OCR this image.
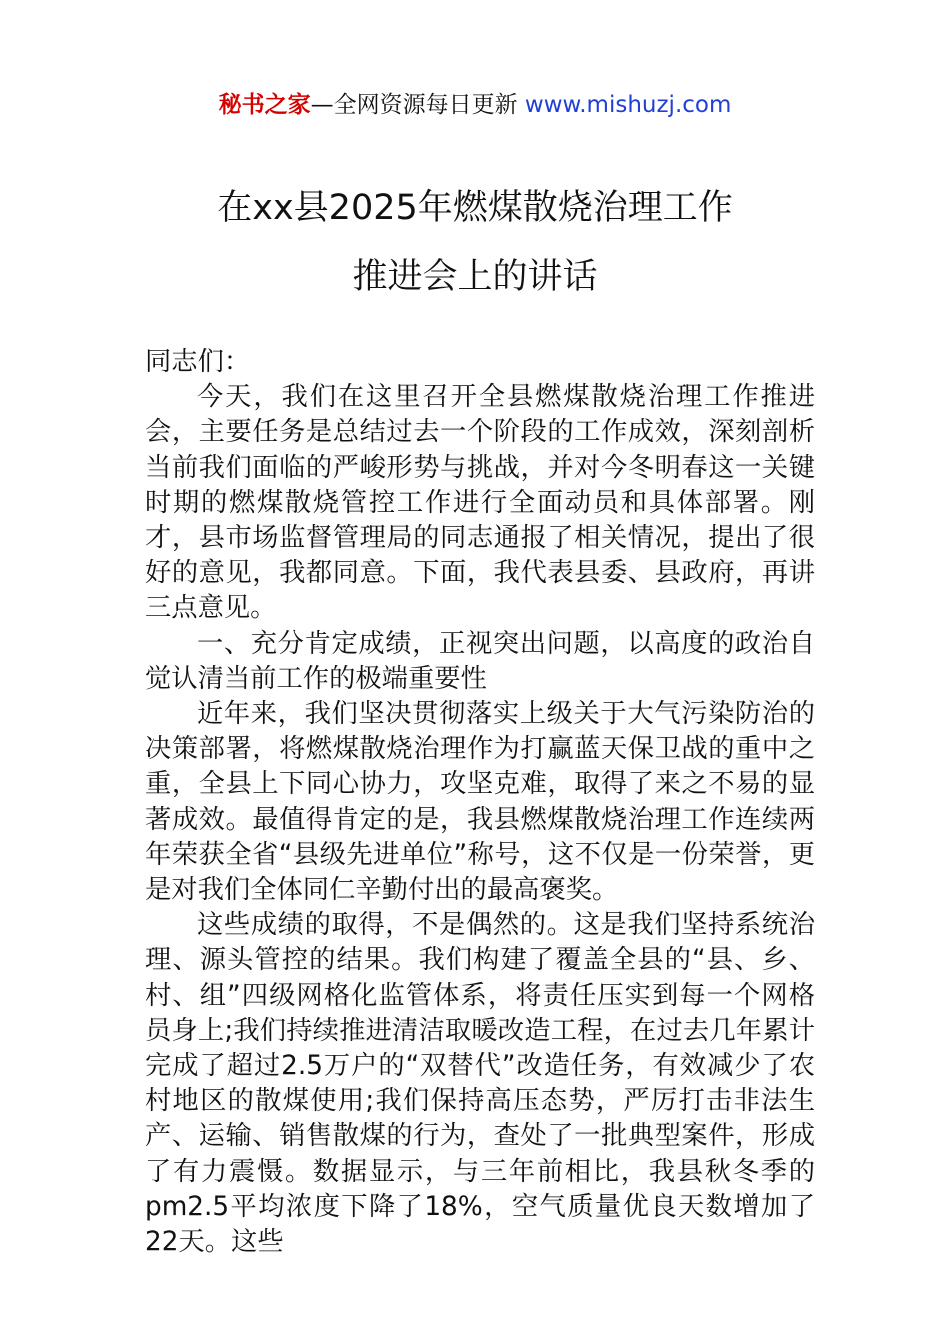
秘书之家—全网资源每日更新 www.mishuzj.com
在xx县2025年燃煤散烧治理工作
推进会上的讲话

同志们：

今天，我们在这里召开全县燃煤散烧治理工作推进会，主要任务是总结过去一个阶段的工作成效，深刻剖析当前我们面临的严峻形势与挑战，并对今冬明春这一关键时期的燃煤散烧管控工作进行全面动员和具体部署。刚才，县市场监督管理局的同志通报了相关情况，提出了很好的意见，我都同意。下面，我代表县委、县政府，再讲三点意见。

一、充分肯定成绩，正视突出问题，以高度的政治自觉认清当前工作的极端重要性

近年来，我们坚决贯彻落实上级关于大气污染防治的决策部署，将燃煤散烧治理作为打赢蓝天保卫战的重中之重，全县上下同心协力，攻坚克难，取得了来之不易的显著成效。最值得肯定的是，我县燃煤散烧治理工作连续两年荣获全省“县级先进单位”称号，这不仅是一份荣誉，更是对我们全体同仁辛勤付出的最高褒奖。

这些成绩的取得，不是偶然的。这是我们坚持系统治理、源头管控的结果。我们构建了覆盖全县的“县、乡、村、组”四级网格化监管体系，将责任压实到每一个网格员身上;我们持续推进清洁取暖改造工程，在过去几年累计完成了超过2.5万户的“双替代”改造任务，有效减少了农村地区的散煤使用;我们保持高压态势，严厉打击非法生产、运输、销售散煤的行为，查处了一批典型案件，形成了有力震慑。数据显示，与三年前相比，我县秋冬季的pm2.5平均浓度下降了18%，空气质量优良天数增加了22天。这些
